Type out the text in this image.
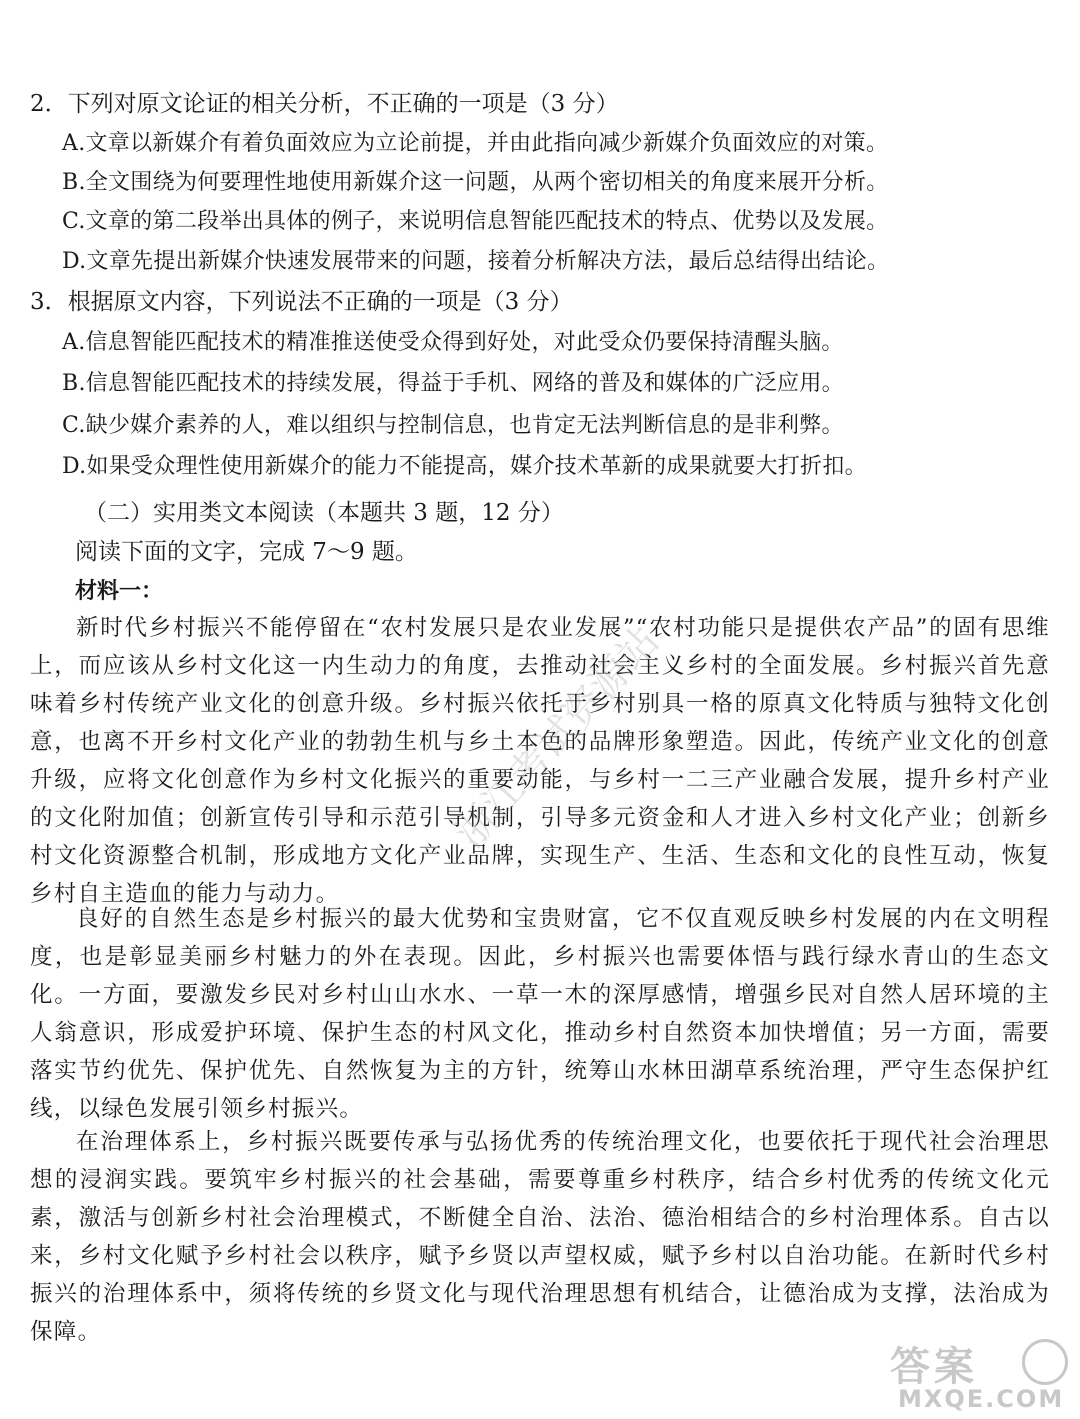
2．下列对原文论证的相关分析，不正确的一项是（3 分）
A.文章以新媒介有着负面效应为立论前提，并由此指向减少新媒介负面效应的对策。
B.全文围绕为何要理性地使用新媒介这一问题，从两个密切相关的角度来展开分析。
C.文章的第二段举出具体的例子，来说明信息智能匹配技术的特点、优势以及发展。
D.文章先提出新媒介快速发展带来的问题，接着分析解决方法，最后总结得出结论。
3．根据原文内容，下列说法不正确的一项是（3 分）
A.信息智能匹配技术的精准推送使受众得到好处，对此受众仍要保持清醒头脑。
B.信息智能匹配技术的持续发展，得益于手机、网络的普及和媒体的广泛应用。
C.缺少媒介素养的人，难以组织与控制信息，也肯定无法判断信息的是非利弊。
D.如果受众理性使用新媒介的能力不能提高，媒介技术革新的成果就要大打折扣。
（二）实用类文本阅读（本题共 3 题，12 分）
阅读下面的文字，完成 7～9 题。
材料一：
新时代乡村振兴不能停留在“农村发展只是农业发展”“农村功能只是提供农产品”的固有思维上，而应该从乡村文化这一内生动力的角度，去推动社会主义乡村的全面发展。乡村振兴首先意味着乡村传统产业文化的创意升级。乡村振兴依托于乡村别具一格的原真文化特质与独特文化创意，也离不开乡村文化产业的勃勃生机与乡土本色的品牌形象塑造。因此，传统产业文化的创意升级，应将文化创意作为乡村文化振兴的重要动能，与乡村一二三产业融合发展，提升乡村产业的文化附加值；创新宣传引导和示范引导机制，引导多元资金和人才进入乡村文化产业；创新乡村文化资源整合机制，形成地方文化产业品牌，实现生产、生活、生态和文化的良性互动，恢复乡村自主造血的能力与动力。
良好的自然生态是乡村振兴的最大优势和宝贵财富，它不仅直观反映乡村发展的内在文明程度，也是彰显美丽乡村魅力的外在表现。因此，乡村振兴也需要体悟与践行绿水青山的生态文化。一方面，要激发乡民对乡村山山水水、一草一木的深厚感情，增强乡民对自然人居环境的主人翁意识，形成爱护环境、保护生态的村风文化，推动乡村自然资本加快增值；另一方面，需要落实节约优先、保护优先、自然恢复为主的方针，统筹山水林田湖草系统治理，严守生态保护红线，以绿色发展引领乡村振兴。
在治理体系上，乡村振兴既要传承与弘扬优秀的传统治理文化，也要依托于现代社会治理思想的浸润实践。要筑牢乡村振兴的社会基础，需要尊重乡村秩序，结合乡村优秀的传统文化元素，激活与创新乡村社会治理模式，不断健全自治、法治、德治相结合的乡村治理体系。自古以来，乡村文化赋予乡村社会以秩序，赋予乡贤以声望权威，赋予乡村以自治功能。在新时代乡村振兴的治理体系中，须将传统的乡贤文化与现代治理思想有机结合，让德治成为支撑，法治成为保障。
浙江考试资源站
答案
MXQE.COM
